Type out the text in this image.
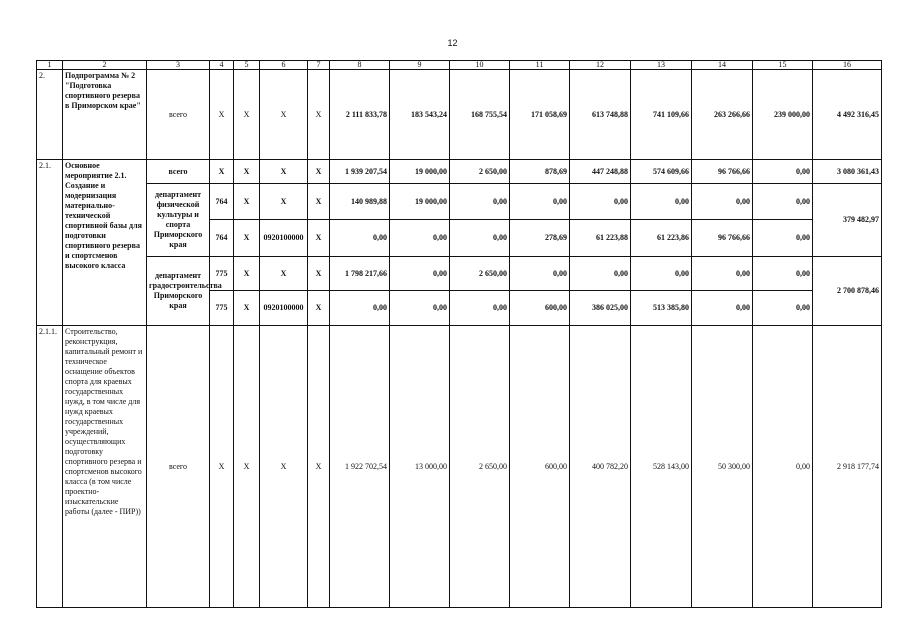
12
1	2	3	4	5	6	7	8	9	10	11	12	13	14	15	16
2.	Подпрограмма № 2 "Подготовка спортивного резерва в Приморском крае"	всего	X	X	X	X	2 111 833,78	183 543,24	168 755,54	171 058,69	613 748,88	741 109,66	263 266,66	239 000,00	4 492 316,45
2.1.	Основное мероприятие 2.1. Создание и модернизация материально-технической спортивной базы для подготовки спортивного резерва и спортсменов высокого класса	всего	X	X	X	X	1 939 207,54	19 000,00	2 650,00	878,69	447 248,88	574 609,66	96 766,66	0,00	3 080 361,43
		департамент физической культуры и спорта Приморского края	764	X	X	X	140 989,88	19 000,00	0,00	0,00	0,00	0,00	0,00	0,00	379 482,97
			764	X	0920100000	X	0,00	0,00	0,00	278,69	61 223,88	61 223,86	96 766,66	0,00	
		департамент градостроительства Приморского края	775	X	X	X	1 798 217,66	0,00	2 650,00	0,00	0,00	0,00	0,00	0,00	2 700 878,46
			775	X	0920100000	X	0,00	0,00	0,00	600,00	386 025,00	513 385,80	0,00	0,00	
2.1.1.	Строительство, реконструкция, капитальный ремонт и техническое оснащение объектов спорта для краевых государственных нужд, в том числе для нужд краевых государственных учреждений, осуществляющих подготовку спортивного резерва и спортсменов высокого класса (в том числе проектно-изыскательские работы (далее - ПИР))	всего	X	X	X	X	1 922 702,54	13 000,00	2 650,00	600,00	400 782,20	528 143,00	50 300,00	0,00	2 918 177,74
